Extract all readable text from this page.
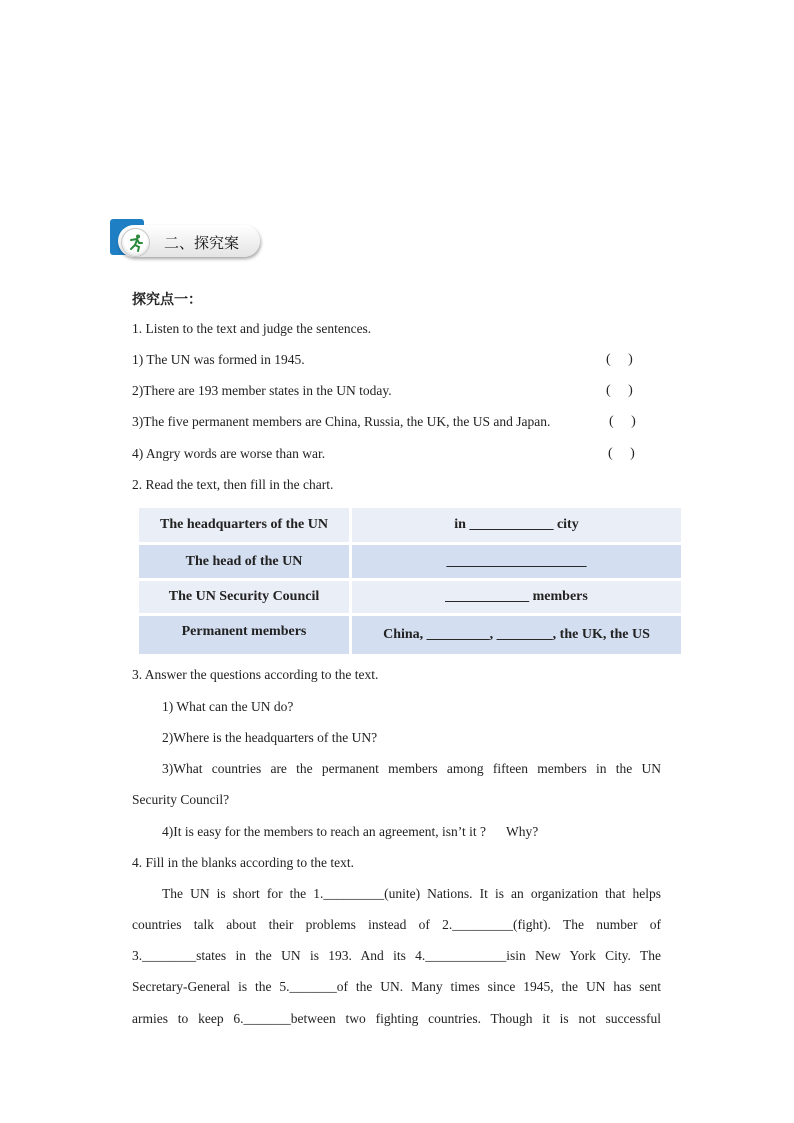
二、探究案
探究点一：
1. Listen to the text and judge the sentences.
1) The UN was formed in 1945.	( )
2)There are 193 member states in the UN today.	( )
3)The five permanent members are China, Russia, the UK, the US and Japan.	( )
4) Angry words are worse than war.	( )
2. Read the text, then fill in the chart.
The headquarters of the UN	in ____________ city
The head of the UN	____________________
The UN Security Council	____________ members
Permanent members	China, _________, ________, the UK, the US
3. Answer the questions according to the text.
1) What can the UN do?
2)Where is the headquarters of the UN?
3)What countries are the permanent members among fifteen members in the UN
Security Council?
4)It is easy for the members to reach an agreement, isn’t it ?      Why?
4. Fill in the blanks according to the text.
The UN is short for the 1._________(unite) Nations. It is an organization that helps
countries talk about their problems instead of 2._________(fight). The number of
3.________states in the UN is 193. And its 4.____________isin New York City. The
Secretary-General is the 5._______of the UN. Many times since 1945, the UN has sent
armies to keep 6._______between two fighting countries. Though it is not successful
